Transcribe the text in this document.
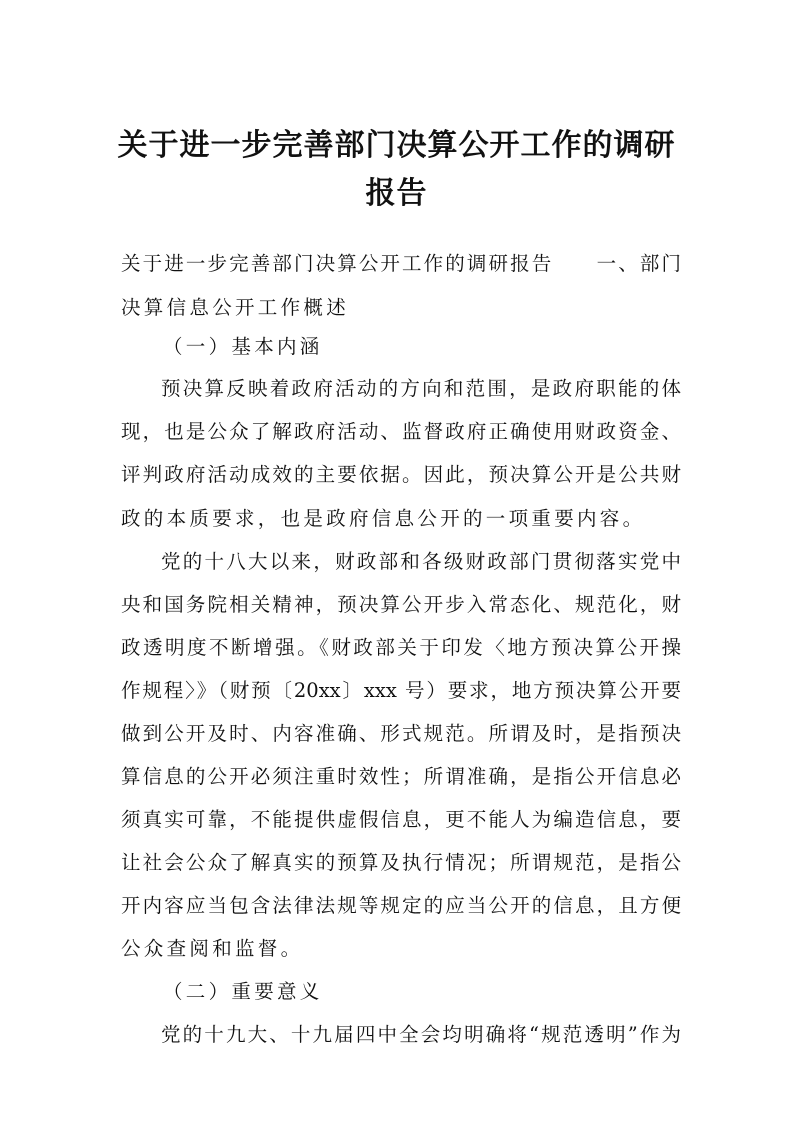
关于进一步完善部门决算公开工作的调研
报告
关于进一步完善部门决算公开工作的调研报告　　一、部门
决算信息公开工作概述
（一）基本内涵
预决算反映着政府活动的方向和范围，是政府职能的体
现，也是公众了解政府活动、监督政府正确使用财政资金、
评判政府活动成效的主要依据。因此，预决算公开是公共财
政的本质要求，也是政府信息公开的一项重要内容。
党的十八大以来，财政部和各级财政部门贯彻落实党中
央和国务院相关精神，预决算公开步入常态化、规范化，财
政透明度不断增强。《财政部关于印发〈地方预决算公开操
作规程〉》（财预〔20xx〕xxx 号）要求，地方预决算公开要
做到公开及时、内容准确、形式规范。所谓及时，是指预决
算信息的公开必须注重时效性；所谓准确，是指公开信息必
须真实可靠，不能提供虚假信息，更不能人为编造信息，要
让社会公众了解真实的预算及执行情况；所谓规范，是指公
开内容应当包含法律法规等规定的应当公开的信息，且方便
公众查阅和监督。
（二）重要意义
党的十九大、十九届四中全会均明确将“规范透明”作为
